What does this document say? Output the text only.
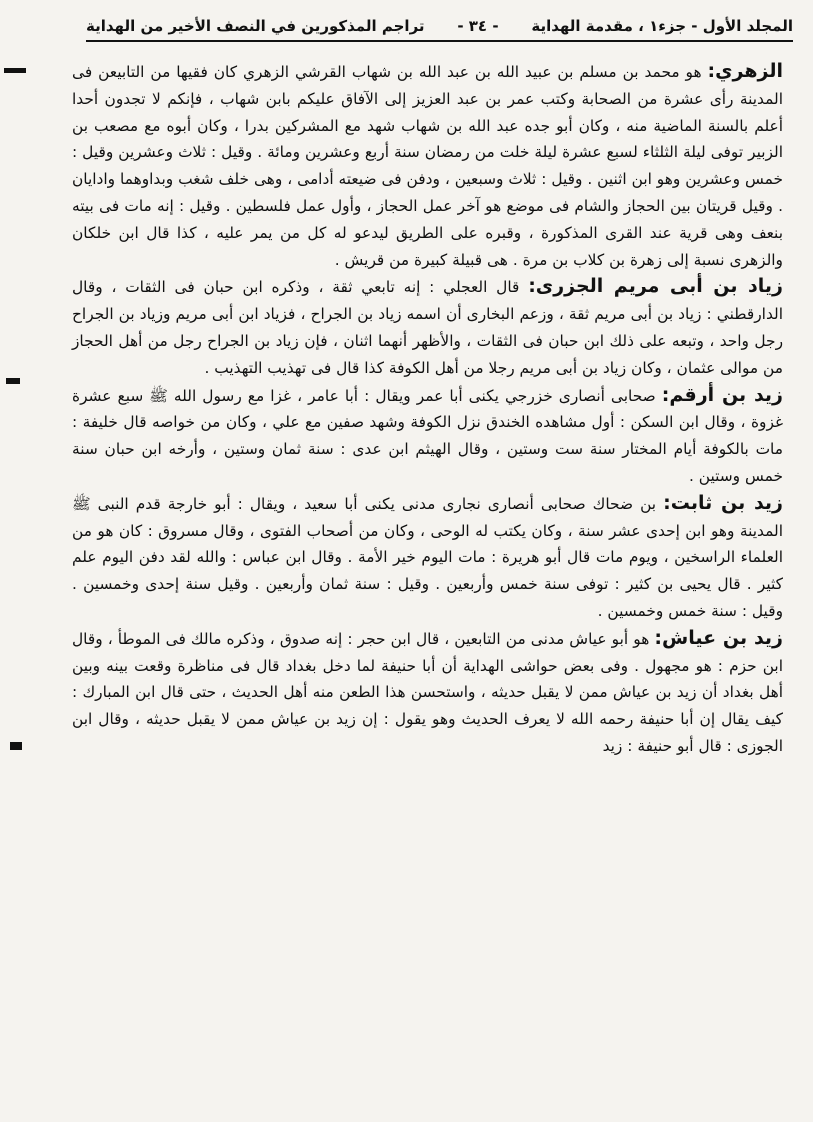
المجلد الأول - جزء١ ، مقدمة الهداية
- ٣٤ -
تراجم المذكورين في النصف الأخير من الهداية

الزهري: هو محمد بن مسلم بن عبيد الله بن عبد الله بن شهاب القرشي الزهري كان فقيها من التابيعن فى المدينة رأى عشرة من الصحابة وكتب عمر بن عبد العزيز إلى الآفاق عليكم بابن شهاب ، فإنكم لا تجدون أحدا أعلم بالسنة الماضية منه ، وكان أبو جده عبد الله بن شهاب شهد مع المشركين بدرا ، وكان أبوه مع مصعب بن الزبير توفى ليلة الثلثاء لسبع عشرة ليلة خلت من رمضان سنة أربع وعشرين ومائة . وقيل : ثلاث وعشرين وقيل : خمس وعشرين وهو ابن اثنين . وقيل : ثلاث وسبعين ، ودفن فى ضيعته أدامى ، وهى خلف شغب وبداوهما وادايان . وقيل قريتان بين الحجاز والشام فى موضع هو آخر عمل الحجاز ، وأول عمل فلسطين . وقيل : إنه مات فى بيته بنعف وهى قرية عند القرى المذكورة ، وقبره على الطريق ليدعو له كل من يمر عليه ، كذا قال ابن خلكان والزهرى نسبة إلى زهرة بن كلاب بن مرة . هى قبيلة كبيرة من قريش .

زياد بن أبى مريم الجزرى: قال العجلي : إنه تابعي ثقة ، وذكره ابن حبان فى الثقات ، وقال الدارقطني : زياد بن أبى مريم ثقة ، وزعم البخارى أن اسمه زياد بن الجراح ، فزياد ابن أبى مريم وزياد بن الجراح رجل واحد ، وتبعه على ذلك ابن حبان فى الثقات ، والأظهر أنهما اثنان ، فإن زياد بن الجراح رجل من أهل الحجاز من موالى عثمان ، وكان زياد بن أبى مريم رجلا من أهل الكوفة كذا قال فى تهذيب التهذيب .

زيد بن أرقم: صحابى أنصارى خزرجي يكنى أبا عمر ويقال : أبا عامر ، غزا مع رسول الله ﷺ سبع عشرة غزوة ، وقال ابن السكن : أول مشاهده الخندق نزل الكوفة وشهد صفين مع علي ، وكان من خواصه قال خليفة : مات بالكوفة أيام المختار سنة ست وستين ، وقال الهيثم ابن عدى : سنة ثمان وستين ، وأرخه ابن حبان سنة خمس وستين .

زيد بن ثابت: بن ضحاك صحابى أنصارى نجارى مدنى يكنى أبا سعيد ، ويقال : أبو خارجة قدم النبى ﷺ المدينة وهو ابن إحدى عشر سنة ، وكان يكتب له الوحى ، وكان من أصحاب الفتوى ، وقال مسروق : كان هو من العلماء الراسخين ، ويوم مات قال أبو هريرة : مات اليوم خير الأمة . وقال ابن عباس : والله لقد دفن اليوم علم كثير . قال يحيى بن كثير : توفى سنة خمس وأربعين . وقيل : سنة ثمان وأربعين . وقيل سنة إحدى وخمسين . وقيل : سنة خمس وخمسين .

زيد بن عياش: هو أبو عياش مدنى من التابعين ، قال ابن حجر : إنه صدوق ، وذكره مالك فى الموطأ ، وقال ابن حزم : هو مجهول . وفى بعض حواشى الهداية أن أبا حنيفة لما دخل بغداد قال فى مناظرة وقعت بينه وبين أهل بغداد أن زيد بن عياش ممن لا يقبل حديثه ، واستحسن هذا الطعن منه أهل الحديث ، حتى قال ابن المبارك : كيف يقال إن أبا حنيفة رحمه الله لا يعرف الحديث وهو يقول : إن زيد بن عياش ممن لا يقبل حديثه ، وقال ابن الجوزى : قال أبو حنيفة : زيد
